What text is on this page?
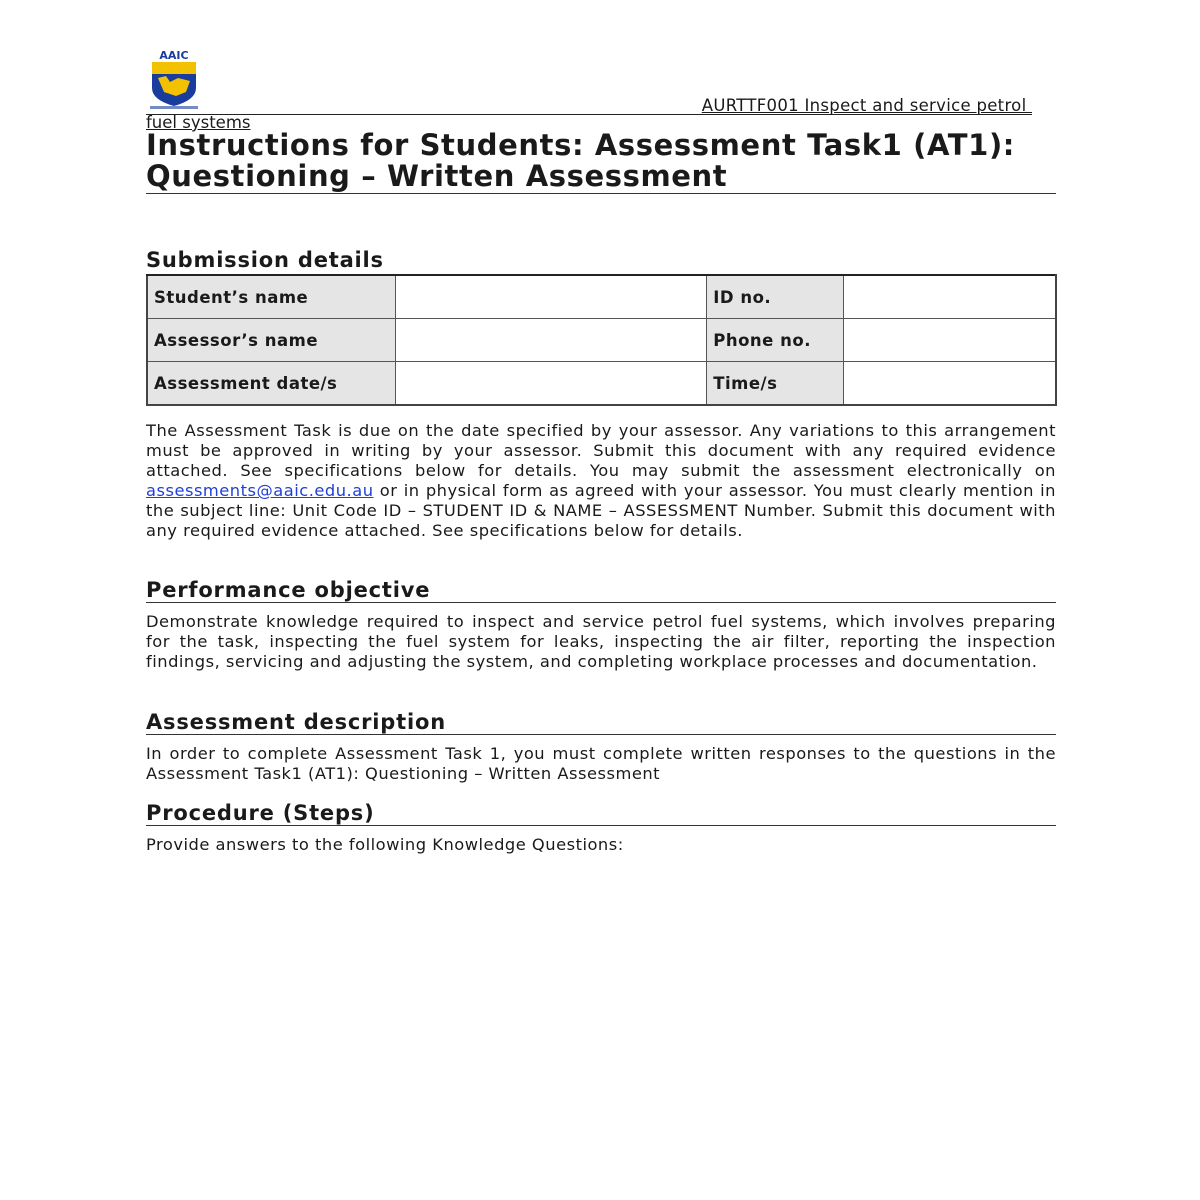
AAIC
AURTTF001 Inspect and service petrol
fuel systems
Instructions for Students: Assessment Task1 (AT1): Questioning – Written Assessment
Submission details
Student’s name		ID no.	
Assessor’s name		Phone no.	
Assessment date/s		Time/s	
The Assessment Task is due on the date specified by your assessor. Any variations to this arrangement must be approved in writing by your assessor. Submit this document with any required evidence attached. See specifications below for details. You may submit the assessment electronically on assessments@aaic.edu.au or in physical form as agreed with your assessor. You must clearly mention in the subject line: Unit Code ID – STUDENT ID & NAME – ASSESSMENT Number. Submit this document with any required evidence attached. See specifications below for details.
Performance objective
Demonstrate knowledge required to inspect and service petrol fuel systems, which involves preparing for the task, inspecting the fuel system for leaks, inspecting the air filter, reporting the inspection findings, servicing and adjusting the system, and completing workplace processes and documentation.
Assessment description
In order to complete Assessment Task 1, you must complete written responses to the questions in the Assessment Task1 (AT1): Questioning – Written Assessment
Procedure (Steps)
Provide answers to the following Knowledge Questions:
